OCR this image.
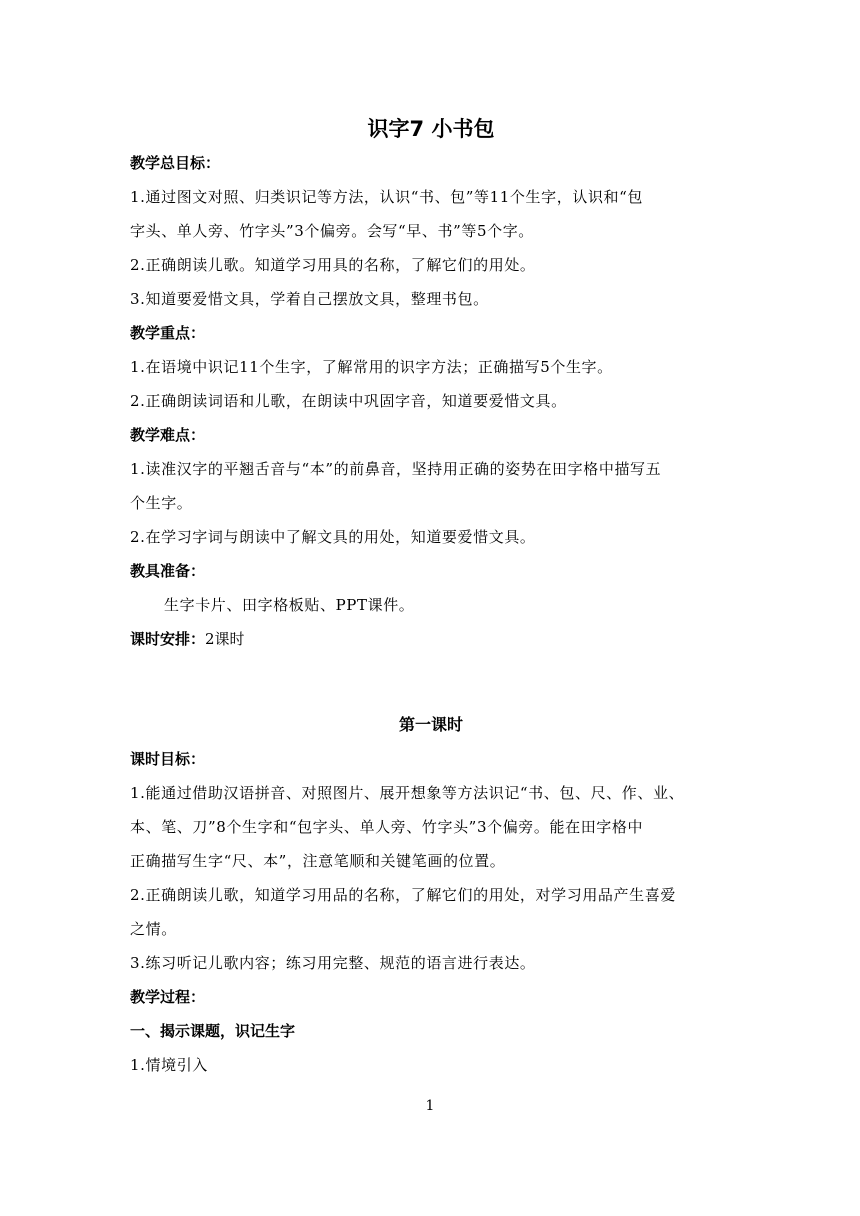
识字7 小书包
教学总目标：
1.通过图文对照、归类识记等方法，认识“书、包”等11个生字，认识和“包
字头、单人旁、竹字头”3个偏旁。会写“早、书”等5个字。
2.正确朗读儿歌。知道学习用具的名称，了解它们的用处。
3.知道要爱惜文具，学着自己摆放文具，整理书包。
教学重点：
1.在语境中识记11个生字，了解常用的识字方法；正确描写5个生字。
2.正确朗读词语和儿歌，在朗读中巩固字音，知道要爱惜文具。
教学难点：
1.读准汉字的平翘舌音与“本”的前鼻音，坚持用正确的姿势在田字格中描写五
个生字。
2.在学习字词与朗读中了解文具的用处，知道要爱惜文具。
教具准备：
生字卡片、田字格板贴、PPT课件。
课时安排：2课时
第一课时
课时目标：
1.能通过借助汉语拼音、对照图片、展开想象等方法识记“书、包、尺、作、业、
本、笔、刀”8个生字和“包字头、单人旁、竹字头”3个偏旁。能在田字格中
正确描写生字“尺、本”，注意笔顺和关键笔画的位置。
2.正确朗读儿歌，知道学习用品的名称，了解它们的用处，对学习用品产生喜爱
之情。
3.练习听记儿歌内容；练习用完整、规范的语言进行表达。
教学过程：
一、揭示课题，识记生字
1.情境引入
1
